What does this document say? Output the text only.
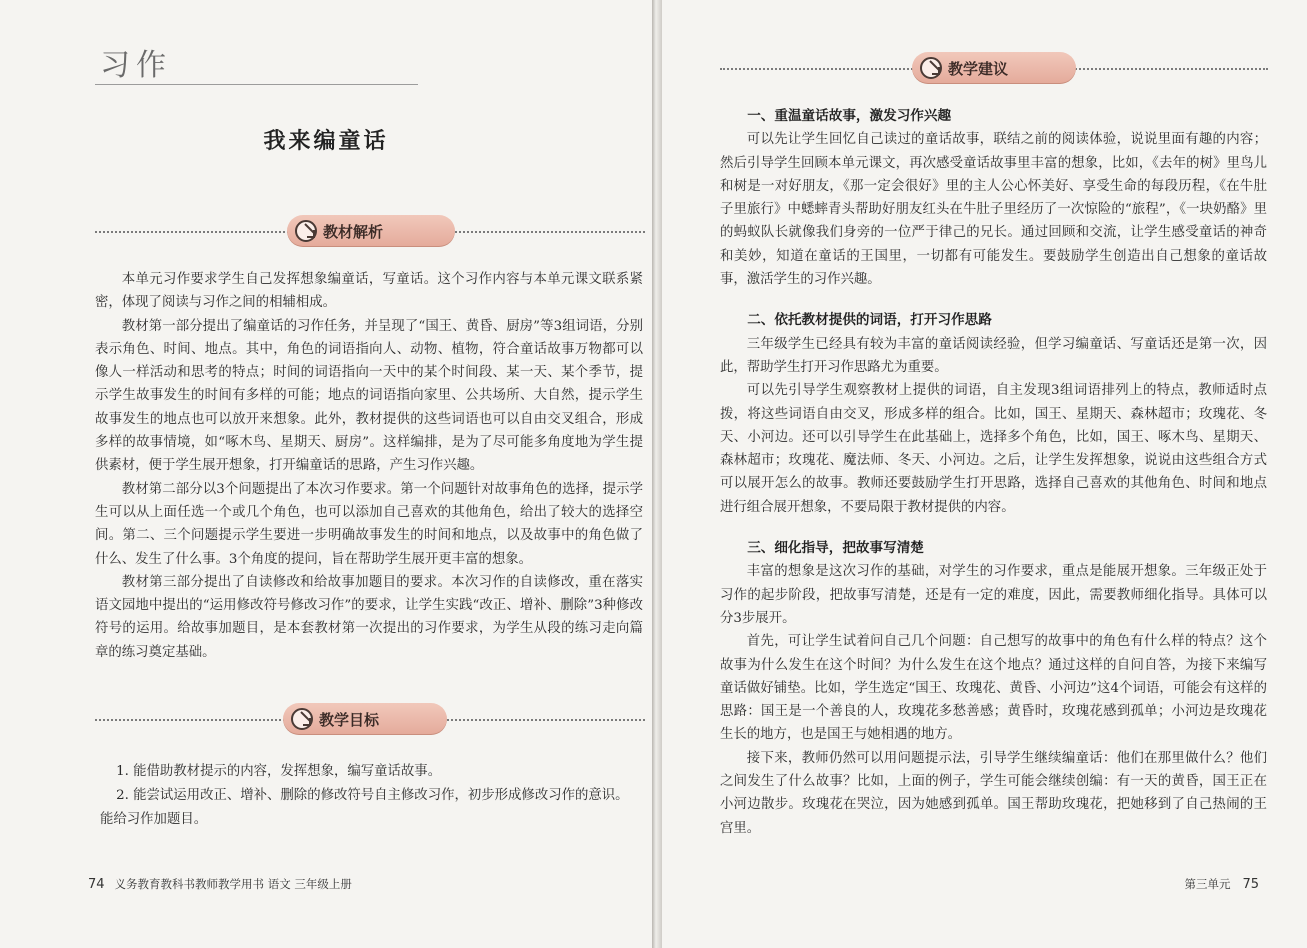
习作
我来编童话
教材解析

本单元习作要求学生自己发挥想象编童话，写童话。这个习作内容与本单元课文联系紧密，体现了阅读与习作之间的相辅相成。

教材第一部分提出了编童话的习作任务，并呈现了“国王、黄昏、厨房”等3组词语，分别表示角色、时间、地点。其中，角色的词语指向人、动物、植物，符合童话故事万物都可以像人一样活动和思考的特点；时间的词语指向一天中的某个时间段、某一天、某个季节，提示学生故事发生的时间有多样的可能；地点的词语指向家里、公共场所、大自然，提示学生故事发生的地点也可以放开来想象。此外，教材提供的这些词语也可以自由交叉组合，形成多样的故事情境，如“啄木鸟、星期天、厨房”。这样编排，是为了尽可能多角度地为学生提供素材，便于学生展开想象，打开编童话的思路，产生习作兴趣。

教材第二部分以3个问题提出了本次习作要求。第一个问题针对故事角色的选择，提示学生可以从上面任选一个或几个角色，也可以添加自己喜欢的其他角色，给出了较大的选择空间。第二、三个问题提示学生要进一步明确故事发生的时间和地点，以及故事中的角色做了什么、发生了什么事。3个角度的提问，旨在帮助学生展开更丰富的想象。

教材第三部分提出了自读修改和给故事加题目的要求。本次习作的自读修改，重在落实语文园地中提出的“运用修改符号修改习作”的要求，让学生实践“改正、增补、删除”3种修改符号的运用。给故事加题目，是本套教材第一次提出的习作要求，为学生从段的练习走向篇章的练习奠定基础。

教学目标
1. 能借助教材提示的内容，发挥想象，编写童话故事。
2. 能尝试运用改正、增补、删除的修改符号自主修改习作，初步形成修改习作的意识。能给习作加题目。
74 义务教育教科书教师教学用书 语文 三年级上册
教学建议
一、重温童话故事，激发习作兴趣

可以先让学生回忆自己读过的童话故事，联结之前的阅读体验，说说里面有趣的内容；然后引导学生回顾本单元课文，再次感受童话故事里丰富的想象，比如，《去年的树》里鸟儿和树是一对好朋友，《那一定会很好》里的主人公心怀美好、享受生命的每段历程，《在牛肚子里旅行》中蟋蟀青头帮助好朋友红头在牛肚子里经历了一次惊险的“旅程”，《一块奶酪》里的蚂蚁队长就像我们身旁的一位严于律己的兄长。通过回顾和交流，让学生感受童话的神奇和美妙，知道在童话的王国里，一切都有可能发生。要鼓励学生创造出自己想象的童话故事，激活学生的习作兴趣。

二、依托教材提供的词语，打开习作思路

三年级学生已经具有较为丰富的童话阅读经验，但学习编童话、写童话还是第一次，因此，帮助学生打开习作思路尤为重要。

可以先引导学生观察教材上提供的词语，自主发现3组词语排列上的特点，教师适时点拨，将这些词语自由交叉，形成多样的组合。比如，国王、星期天、森林超市；玫瑰花、冬天、小河边。还可以引导学生在此基础上，选择多个角色，比如，国王、啄木鸟、星期天、森林超市；玫瑰花、魔法师、冬天、小河边。之后，让学生发挥想象，说说由这些组合方式可以展开怎么的故事。教师还要鼓励学生打开思路，选择自己喜欢的其他角色、时间和地点进行组合展开想象，不要局限于教材提供的内容。

三、细化指导，把故事写清楚

丰富的想象是这次习作的基础，对学生的习作要求，重点是能展开想象。三年级正处于习作的起步阶段，把故事写清楚，还是有一定的难度，因此，需要教师细化指导。具体可以分3步展开。

首先，可让学生试着问自己几个问题：自己想写的故事中的角色有什么样的特点？这个故事为什么发生在这个时间？为什么发生在这个地点？通过这样的自问自答，为接下来编写童话做好铺垫。比如，学生选定“国王、玫瑰花、黄昏、小河边”这4个词语，可能会有这样的思路：国王是一个善良的人，玫瑰花多愁善感；黄昏时，玫瑰花感到孤单；小河边是玫瑰花生长的地方，也是国王与她相遇的地方。

接下来，教师仍然可以用问题提示法，引导学生继续编童话：他们在那里做什么？他们之间发生了什么故事？比如，上面的例子，学生可能会继续创编：有一天的黄昏，国王正在小河边散步。玫瑰花在哭泣，因为她感到孤单。国王帮助玫瑰花，把她移到了自己热闹的王宫里。

第三单元 75
